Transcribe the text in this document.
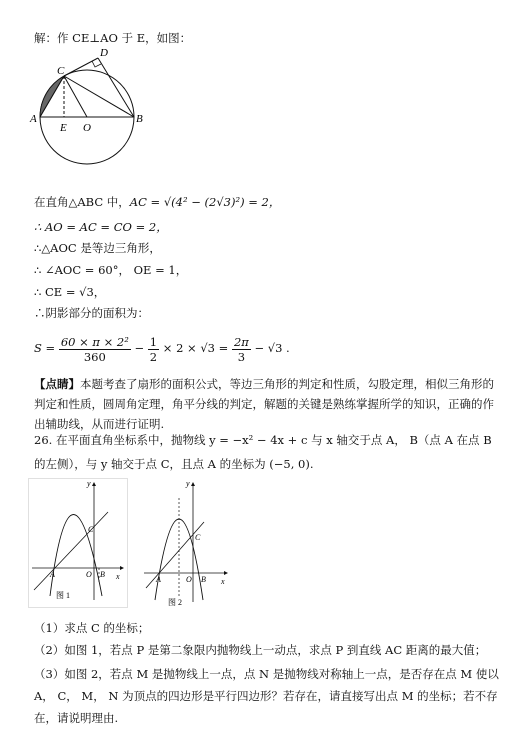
解：作 CE⊥AO 于 E，如图：
A	B
C
D
E O
在直角△ABC 中，AC = √(4² − (2√3)²) = 2，
∴ AO = AC = CO = 2，
∴△AOC 是等边三角形，
∴ ∠AOC = 60°， OE = 1，
∴ CE = √3，
∴阴影部分的面积为：
$S = \frac{\text{60 × π × 2²}}{360} - \frac{1}{2} \times 2 \times √3 = \frac{2\pi}{3} - √3$ .
【点睛】本题考查了扇形的面积公式，等边三角形的判定和性质，勾股定理，相似三角形的判定和性质，圆周角定理，角平分线的判定，解题的关键是熟练掌握所学的知识，正确的作出辅助线，从而进行证明.
26. 在平面直角坐标系中，抛物线 y = −x² − 4x + c 与 x 轴交于点 A， B（点 A 在点 B 的左侧），与 y 轴交于点 C，且点 A 的坐标为 (−5, 0).
y
x
A	O B
C
图 1
y
x
A	O B
C
图 2
（1）求点 C 的坐标；
（2）如图 1，若点 P 是第二象限内抛物线上一动点，求点 P 到直线 AC 距离的最大值；
（3）如图 2，若点 M 是抛物线上一点，点 N 是抛物线对称轴上一点，是否存在点 M 使以 A， C， M， N 为顶点的四边形是平行四边形？若存在，请直接写出点 M 的坐标；若不存在，请说明理由.
